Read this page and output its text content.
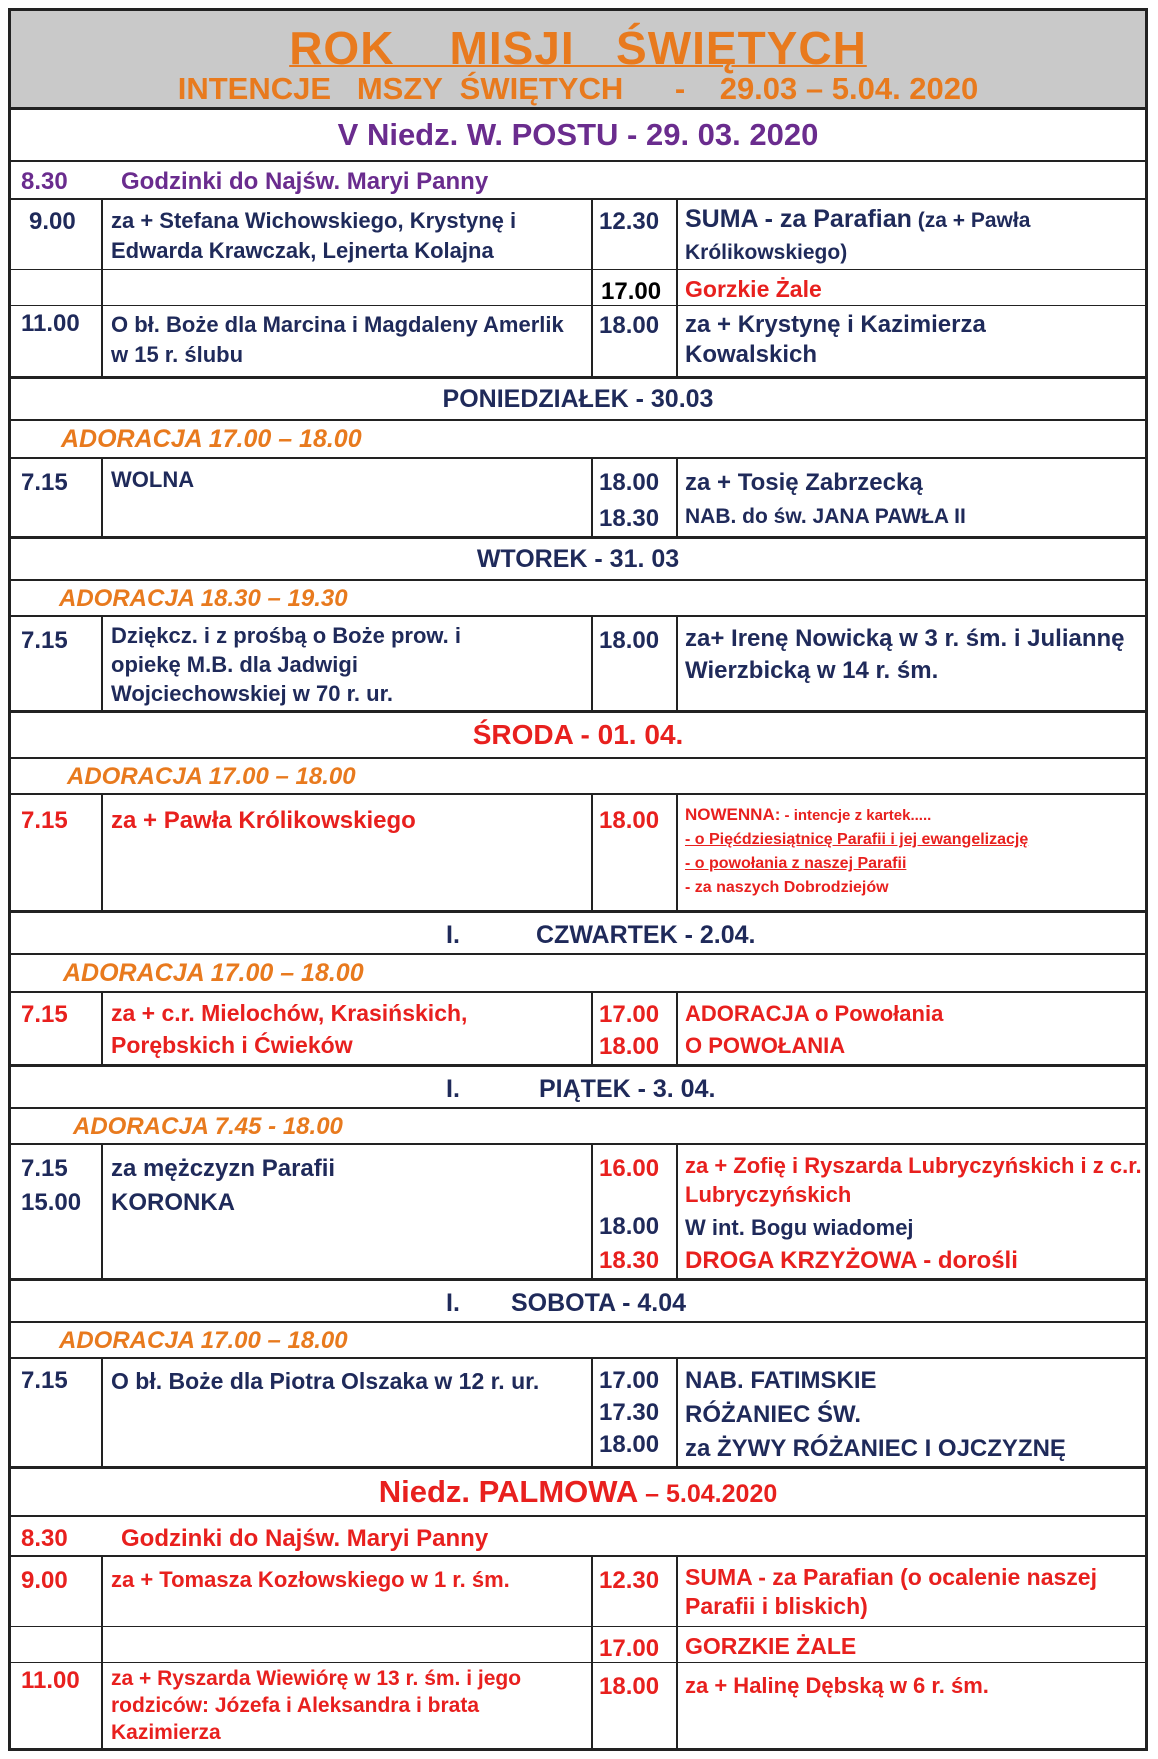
ROK    MISJI   ŚWIĘTYCH
INTENCJE   MSZY  ŚWIĘTYCH      -    29.03 – 5.04. 2020
V Niedz. W. POSTU - 29. 03. 2020
8.30 Godzinki do Najśw. Maryi Panny
9.00 za + Stefana Wichowskiego, Krystynę i Edwarda Krawczak, Lejnerta Kolajna
12.30 SUMA - za Parafian (za + Pawła Królikowskiego)
17.00 Gorzkie Żale
11.00 O bł. Boże dla Marcina i Magdaleny Amerlik w 15 r. ślubu
18.00 za + Krystynę i Kazimierza Kowalskich
PONIEDZIAŁEK - 30.03
ADORACJA 17.00 – 18.00
7.15 WOLNA	18.00 za + Tosię Zabrzecką
18.30 NAB. do św. JANA PAWŁA II
WTOREK - 31. 03
ADORACJA 18.30 – 19.30
7.15 Dziękcz. i z prośbą o Boże prow. i opiekę M.B. dla Jadwigi Wojciechowskiej w 70 r. ur.
18.00 za+ Irenę Nowicką w 3 r. śm. i Juliannę Wierzbicką w 14 r. śm.
ŚRODA - 01. 04.
ADORACJA 17.00 – 18.00
7.15 za + Pawła Królikowskiego	18.00 NOWENNA: - intencje z kartek.....
- o Pięćdziesiątnicę Parafii i jej ewangelizację
- o powołania z naszej Parafii
- za naszych Dobrodziejów
I.	CZWARTEK - 2.04.
ADORACJA 17.00 – 18.00
7.15 za + c.r. Mielochów, Krasińskich, Porębskich i Ćwieków
17.00 ADORACJA o Powołania
18.00 O POWOŁANIA
I.	PIĄTEK - 3. 04.
ADORACJA 7.45 - 18.00
7.15 za mężczyzn Parafii
15.00 KORONKA
16.00 za + Zofię i Ryszarda Lubryczyńskich i z c.r. Lubryczyńskich
18.00 W int. Bogu wiadomej
18.30 DROGA KRZYŻOWA - dorośli
I. SOBOTA - 4.04
ADORACJA 17.00 – 18.00
7.15 O bł. Boże dla Piotra Olszaka w 12 r. ur.	17.00 NAB. FATIMSKIE
17.30 RÓŻANIEC ŚW.
18.00 za ŻYWY RÓŻANIEC I OJCZYZNĘ
Niedz. PALMOWA – 5.04.2020
8.30 Godzinki do Najśw. Maryi Panny
9.00 za + Tomasza Kozłowskiego w 1 r. śm.	12.30 SUMA - za Parafian (o ocalenie naszej Parafii i bliskich)
17.00 GORZKIE ŻALE
11.00 za + Ryszarda Wiewiórę w 13 r. śm. i jego rodziców: Józefa i Aleksandra i brata Kazimierza
18.00 za + Halinę Dębską w 6 r. śm.
